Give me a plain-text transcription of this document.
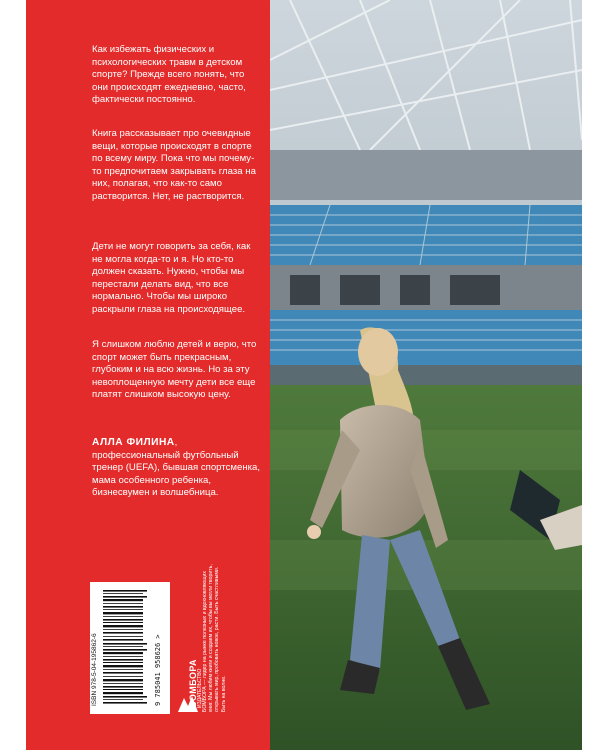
Как избежать физических и психологических травм в детском спорте? Прежде всего понять, что они происходят ежедневно, часто, фактически постоянно.

Книга рассказывает про очевидные вещи, которые происходят в спорте по всему миру. Пока что мы почему-то предпочитаем закрывать глаза на них, полагая, что как-то само растворится. Нет, не растворится.

Дети не могут говорить за себя, как не могла когда-то и я. Но кто-то должен сказать. Нужно, чтобы мы перестали делать вид, что все нормально. Чтобы мы широко раскрыли глаза на происходящее.

Я слишком люблю детей и верю, что спорт может быть прекрасным, глубоким и на всю жизнь. Но за эту невоплощенную мечту дети все еще платят слишком высокую цену.

АЛЛА ФИЛИНА, профессиональный футбольный тренер (UEFA), бывшая спортсменка, мама особенного ребенка, бизнесвумен и волшебница.
ISBN 978-5-04-195862-6	9 785041 958626 >	БОМБОРА ИЗДАТЕЛЬСТВО БОМБОРА — лидер на рынке полезных и вдохновляющих книг. Мы любим книги и создаем их, чтобы вы могли творить, открывать мир, пробовать новое, расти. Быть счастливыми. Быть на волне.
